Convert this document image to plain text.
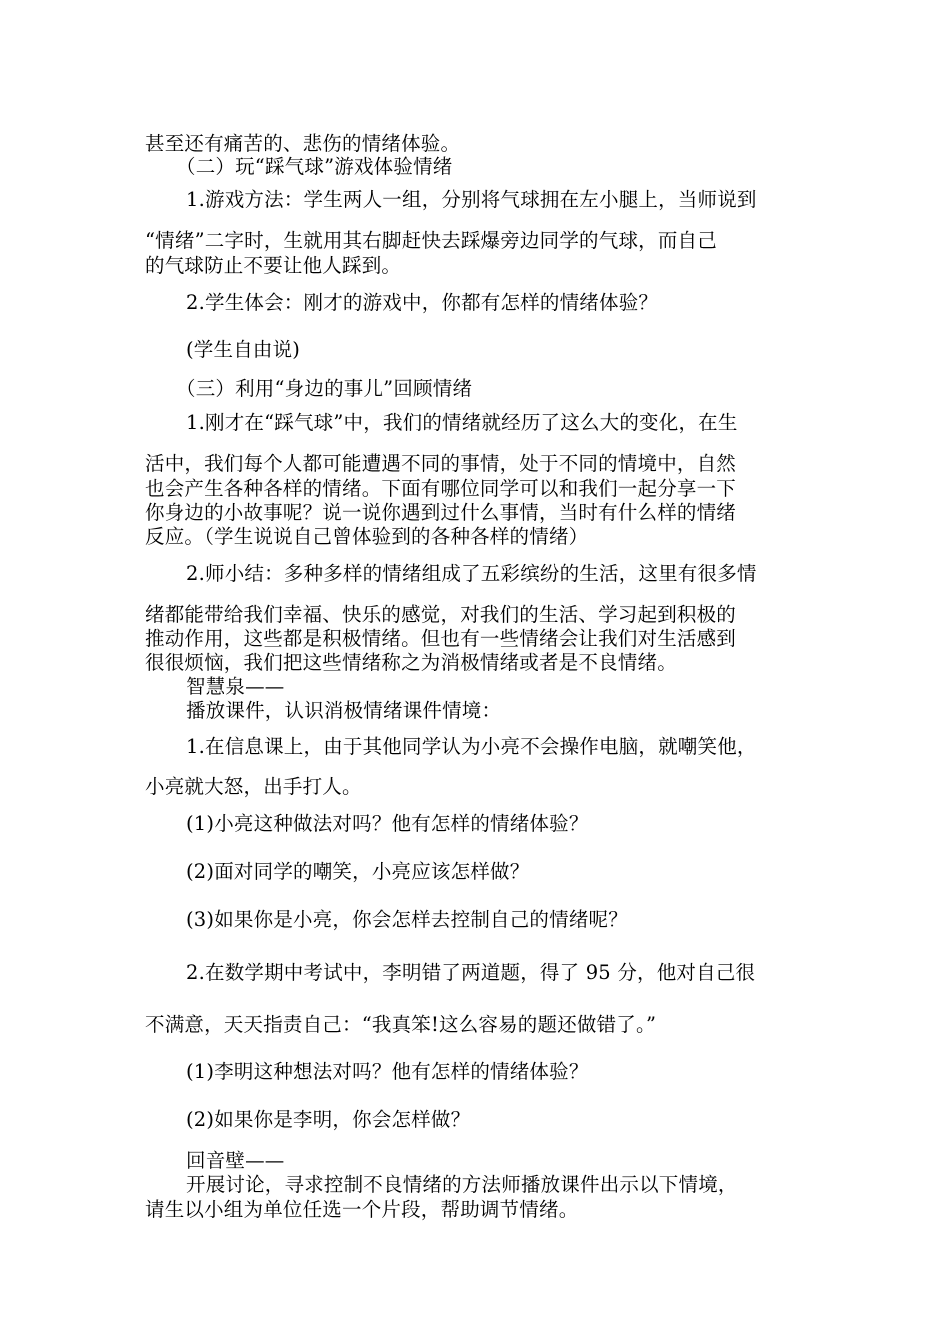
甚至还有痛苦的、悲伤的情绪体验。
（二）玩“踩气球”游戏体验情绪
1.游戏方法：学生两人一组，分别将气球拥在左小腿上，当师说到
“情绪”二字时，生就用其右脚赶快去踩爆旁边同学的气球，而自己
的气球防止不要让他人踩到。
2.学生体会：刚才的游戏中，你都有怎样的情绪体验？
(学生自由说)
（三）利用“身边的事儿”回顾情绪
1.刚才在“踩气球”中，我们的情绪就经历了这么大的变化，在生
活中，我们每个人都可能遭遇不同的事情，处于不同的情境中，自然
也会产生各种各样的情绪。下面有哪位同学可以和我们一起分享一下
你身边的小故事呢？说一说你遇到过什么事情，当时有什么样的情绪
反应。（学生说说自己曾体验到的各种各样的情绪）
2.师小结：多种多样的情绪组成了五彩缤纷的生活，这里有很多情
绪都能带给我们幸福、快乐的感觉，对我们的生活、学习起到积极的
推动作用，这些都是积极情绪。但也有一些情绪会让我们对生活感到
很很烦恼，我们把这些情绪称之为消极情绪或者是不良情绪。
智慧泉——
播放课件，认识消极情绪课件情境：
1.在信息课上，由于其他同学认为小亮不会操作电脑，就嘲笑他，
小亮就大怒，出手打人。
(1)小亮这种做法对吗？他有怎样的情绪体验？
(2)面对同学的嘲笑，小亮应该怎样做？
(3)如果你是小亮，你会怎样去控制自己的情绪呢？
2.在数学期中考试中，李明错了两道题，得了 95 分，他对自己很
不满意，天天指责自己：“我真笨!这么容易的题还做错了。”
(1)李明这种想法对吗？他有怎样的情绪体验？
(2)如果你是李明，你会怎样做？
回音壁——
开展讨论，寻求控制不良情绪的方法师播放课件出示以下情境，
请生以小组为单位任选一个片段，帮助调节情绪。
